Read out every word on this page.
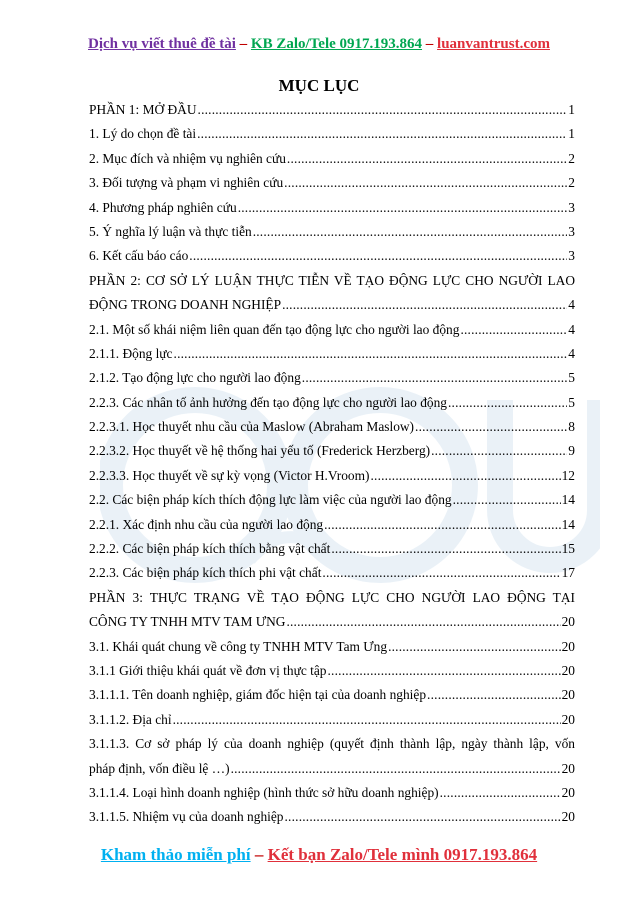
Dịch vụ viết thuê đề tài – KB Zalo/Tele 0917.193.864 – luanvantrust.com
MỤC LỤC
PHẦN 1: MỞ ĐẦU .....	1
1. Lý do chọn đề tài .....	1
2. Mục đích và nhiệm vụ nghiên cứu .....	2
3. Đối tượng và phạm vi nghiên cứu .....	2
4. Phương pháp nghiên cứu .....	3
5. Ý nghĩa lý luận và thực tiễn .....	3
6. Kết cấu báo cáo .....	3
PHẦN 2: CƠ SỞ LÝ LUẬN THỰC TIỄN VỀ TẠO ĐỘNG LỰC CHO NGƯỜI LAO
ĐỘNG TRONG DOANH NGHIỆP .....	4
2.1. Một số khái niệm liên quan đến tạo động lực cho người lao động .....	4
2.1.1. Động lực .....	4
2.1.2. Tạo động lực cho người lao động .....	5
2.2.3. Các nhân tố ảnh hưởng đến tạo động lực cho người lao động .....	5
2.2.3.1. Học thuyết nhu cầu của Maslow (Abraham Maslow) .....	8
2.2.3.2. Học thuyết về hệ thống hai yếu tố (Frederick Herzberg) .....	9
2.2.3.3. Học thuyết về sự kỳ vọng (Victor H.Vroom) .....	12
2.2. Các biện pháp kích thích động lực làm việc của người lao động .....	14
2.2.1. Xác định nhu cầu của người lao động .....	14
2.2.2. Các biện pháp kích thích bằng vật chất .....	15
2.2.3. Các biện pháp kích thích phi vật chất .....	17
PHẦN 3: THỰC TRẠNG VỀ TẠO ĐỘNG LỰC CHO NGƯỜI LAO ĐỘNG TẠI
CÔNG TY TNHH MTV TAM ƯNG .....	20
3.1. Khái quát chung về công ty TNHH MTV Tam Ưng .....	20
3.1.1 Giới thiệu khái quát về đơn vị thực tập .....	20
3.1.1.1. Tên doanh nghiệp, giám đốc hiện tại của doanh nghiệp .....	20
3.1.1.2. Địa chỉ .....	20
3.1.1.3. Cơ sở pháp lý của doanh nghiệp (quyết định thành lập, ngày thành lập, vốn
pháp định, vốn điều lệ …) .....	20
3.1.1.4. Loại hình doanh nghiệp (hình thức sở hữu doanh nghiệp) .....	20
3.1.1.5. Nhiệm vụ của doanh nghiệp .....	20
Kham thảo miễn phí – Kết bạn Zalo/Tele mình 0917.193.864
